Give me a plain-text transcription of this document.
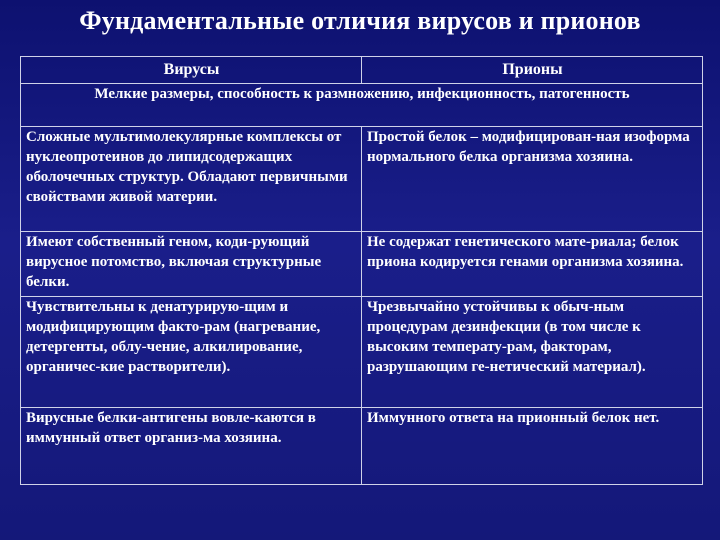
Фундаментальные отличия вирусов и прионов
Вирусы	Прионы
Мелкие размеры, способность к размножению, инфекционность, патогенность	
Сложные мультимолекулярные комплексы от нуклеопротеинов до липидсодержащих оболочечных структур. Обладают первичными свойствами живой материи.	Простой белок – модифицирован-ная изоформа нормального белка организма хозяина.
Имеют собственный геном, коди-рующий вирусное потомство, включая структурные белки.	Не содержат генетического мате-риала; белок приона кодируется генами организма хозяина.
Чувствительны к денатурирую-щим и модифицирующим факто-рам (нагревание, детергенты, облу-чение, алкилирование, органичес-кие растворители).	Чрезвычайно устойчивы к обыч-ным процедурам дезинфекции (в том числе к высоким температу-рам, факторам, разрушающим ге-нетический материал).
Вирусные белки-антигены вовле-каются в иммунный ответ организ-ма хозяина.	Иммунного ответа на прионный белок нет.
